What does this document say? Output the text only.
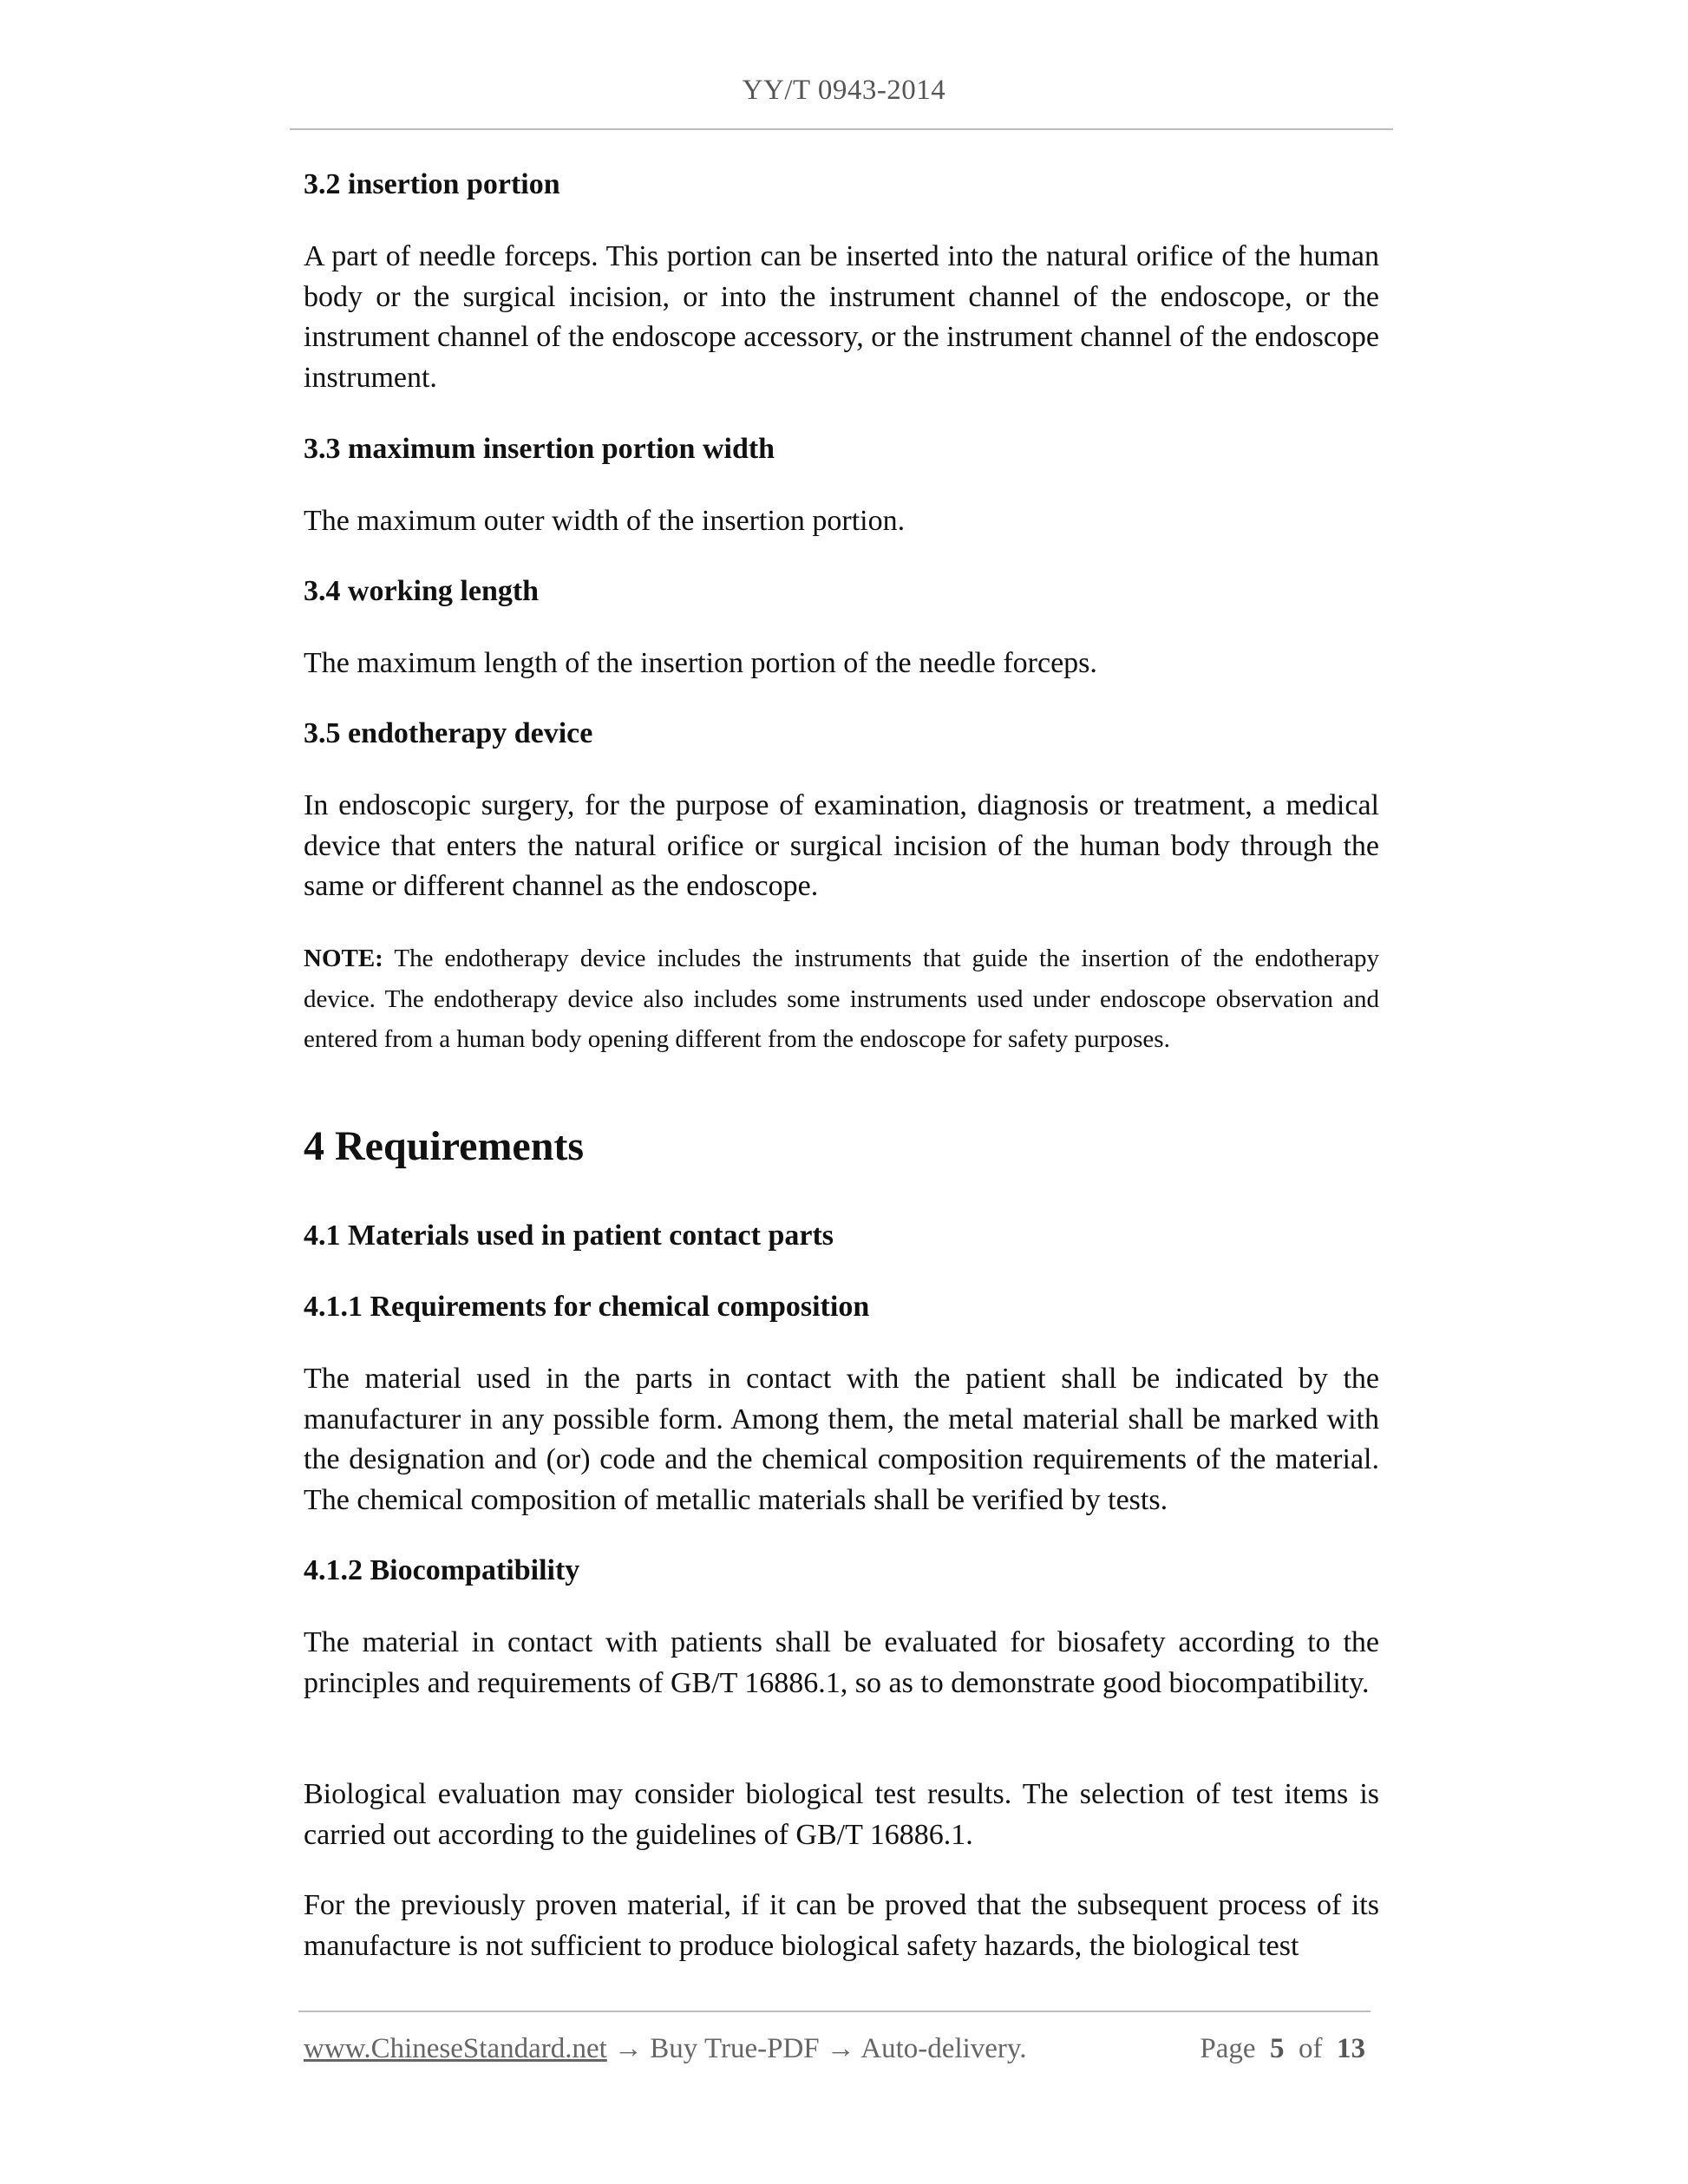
YY/T 0943-2014
3.2 insertion portion
A part of needle forceps. This portion can be inserted into the natural orifice of the human body or the surgical incision, or into the instrument channel of the endoscope, or the instrument channel of the endoscope accessory, or the instrument channel of the endoscope instrument.
3.3 maximum insertion portion width
The maximum outer width of the insertion portion.
3.4 working length
The maximum length of the insertion portion of the needle forceps.
3.5 endotherapy device
In endoscopic surgery, for the purpose of examination, diagnosis or treatment, a medical device that enters the natural orifice or surgical incision of the human body through the same or different channel as the endoscope.
NOTE: The endotherapy device includes the instruments that guide the insertion of the endotherapy device. The endotherapy device also includes some instruments used under endoscope observation and entered from a human body opening different from the endoscope for safety purposes.
4 Requirements
4.1 Materials used in patient contact parts
4.1.1 Requirements for chemical composition
The material used in the parts in contact with the patient shall be indicated by the manufacturer in any possible form. Among them, the metal material shall be marked with the designation and (or) code and the chemical composition requirements of the material. The chemical composition of metallic materials shall be verified by tests.
4.1.2 Biocompatibility
The material in contact with patients shall be evaluated for biosafety according to the principles and requirements of GB/T 16886.1, so as to demonstrate good biocompatibility.
Biological evaluation may consider biological test results. The selection of test items is carried out according to the guidelines of GB/T 16886.1.
For the previously proven material, if it can be proved that the subsequent process of its manufacture is not sufficient to produce biological safety hazards, the biological test
www.ChineseStandard.net → Buy True-PDF → Auto-delivery.	Page 5 of 13
